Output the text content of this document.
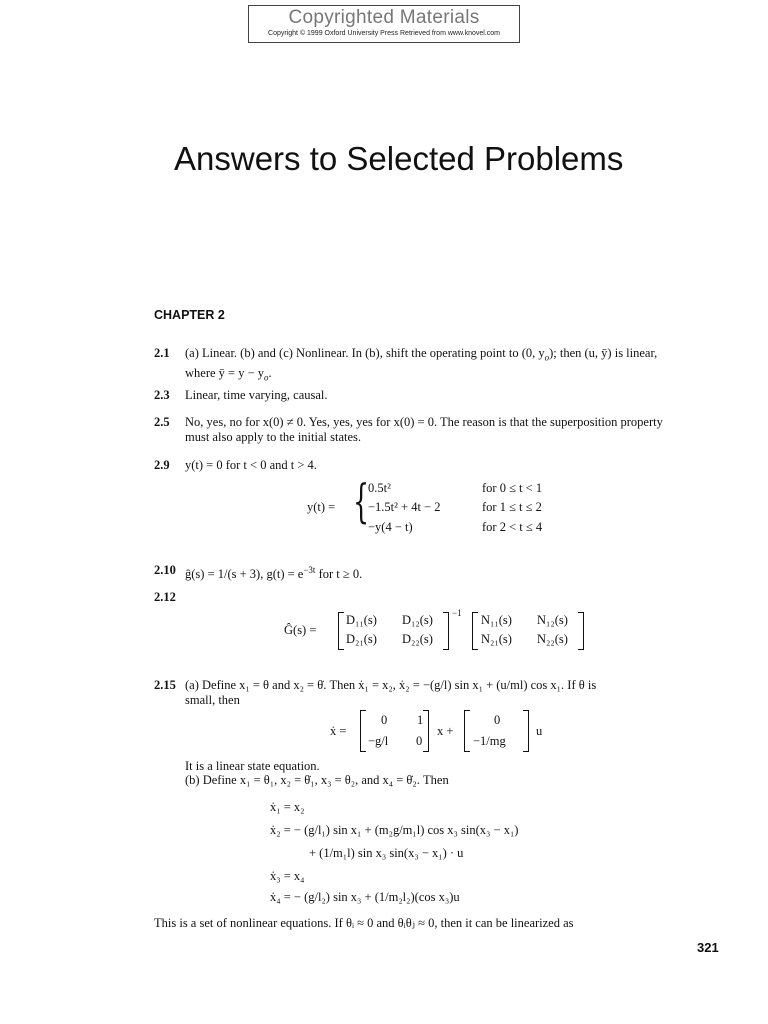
Copyrighted Materials
Copyright © 1999 Oxford University Press Retrieved from www.knovel.com
Answers to Selected Problems
CHAPTER 2
2.1 (a) Linear. (b) and (c) Nonlinear. In (b), shift the operating point to (0, $y_o$); then (u, ȳ) is linear,
where ȳ = $y - y_o$.
2.3 Linear, time varying, causal.
2.5 No, yes, no for x(0) ≠ 0. Yes, yes, yes for x(0) = 0. The reason is that the superposition property
must also apply to the initial states.
2.9 y(t) = 0 for t < 0 and t > 4.
y(t) = {
0.5t²	for 0 ≤ t < 1
−1.5t² + 4t − 2	for 1 ≤ t ≤ 2
−y(4 − t)	for 2 < t ≤ 4
2.10 ĝ(s) = 1/(s + 3), $g(t) = e^{-3t}$ for t ≥ 0.
2.12
Ĝ(s) =
D₁₁(s) D₁₂(s)
D₂₁(s) D₂₂(s)
−1 N₁₁(s) N₁₂(s)
N₂₁(s) N₂₂(s)
2.15 (a) Define x₁ = θ and x₂ = θ̇. Then ẋ₁ = x₂, ẋ₂ = −(g/l) sin x₁ + (u/ml) cos x₁. If θ is
small, then
ẋ =
0 1
−g/l 0
x +
0
−1/mg
u
It is a linear state equation.
(b) Define x₁ = θ₁, x₂ = θ̇₁, x₃ = θ₂, and x₄ = θ̇₂. Then
ẋ₁ = x₂
ẋ₂ = − (g/l₁) sin x₁ + (m₂g/m₁l) cos x₃ sin(x₃ − x₁)
+ (1/m₁l) sin x₃ sin(x₃ − x₁) · u
ẋ₃ = x₄
ẋ₄ = − (g/l₂) sin x₃ + (1/m₂l₂)(cos x₃)u
This is a set of nonlinear equations. If θᵢ ≈ 0 and θᵢθⱼ ≈ 0, then it can be linearized as
321
